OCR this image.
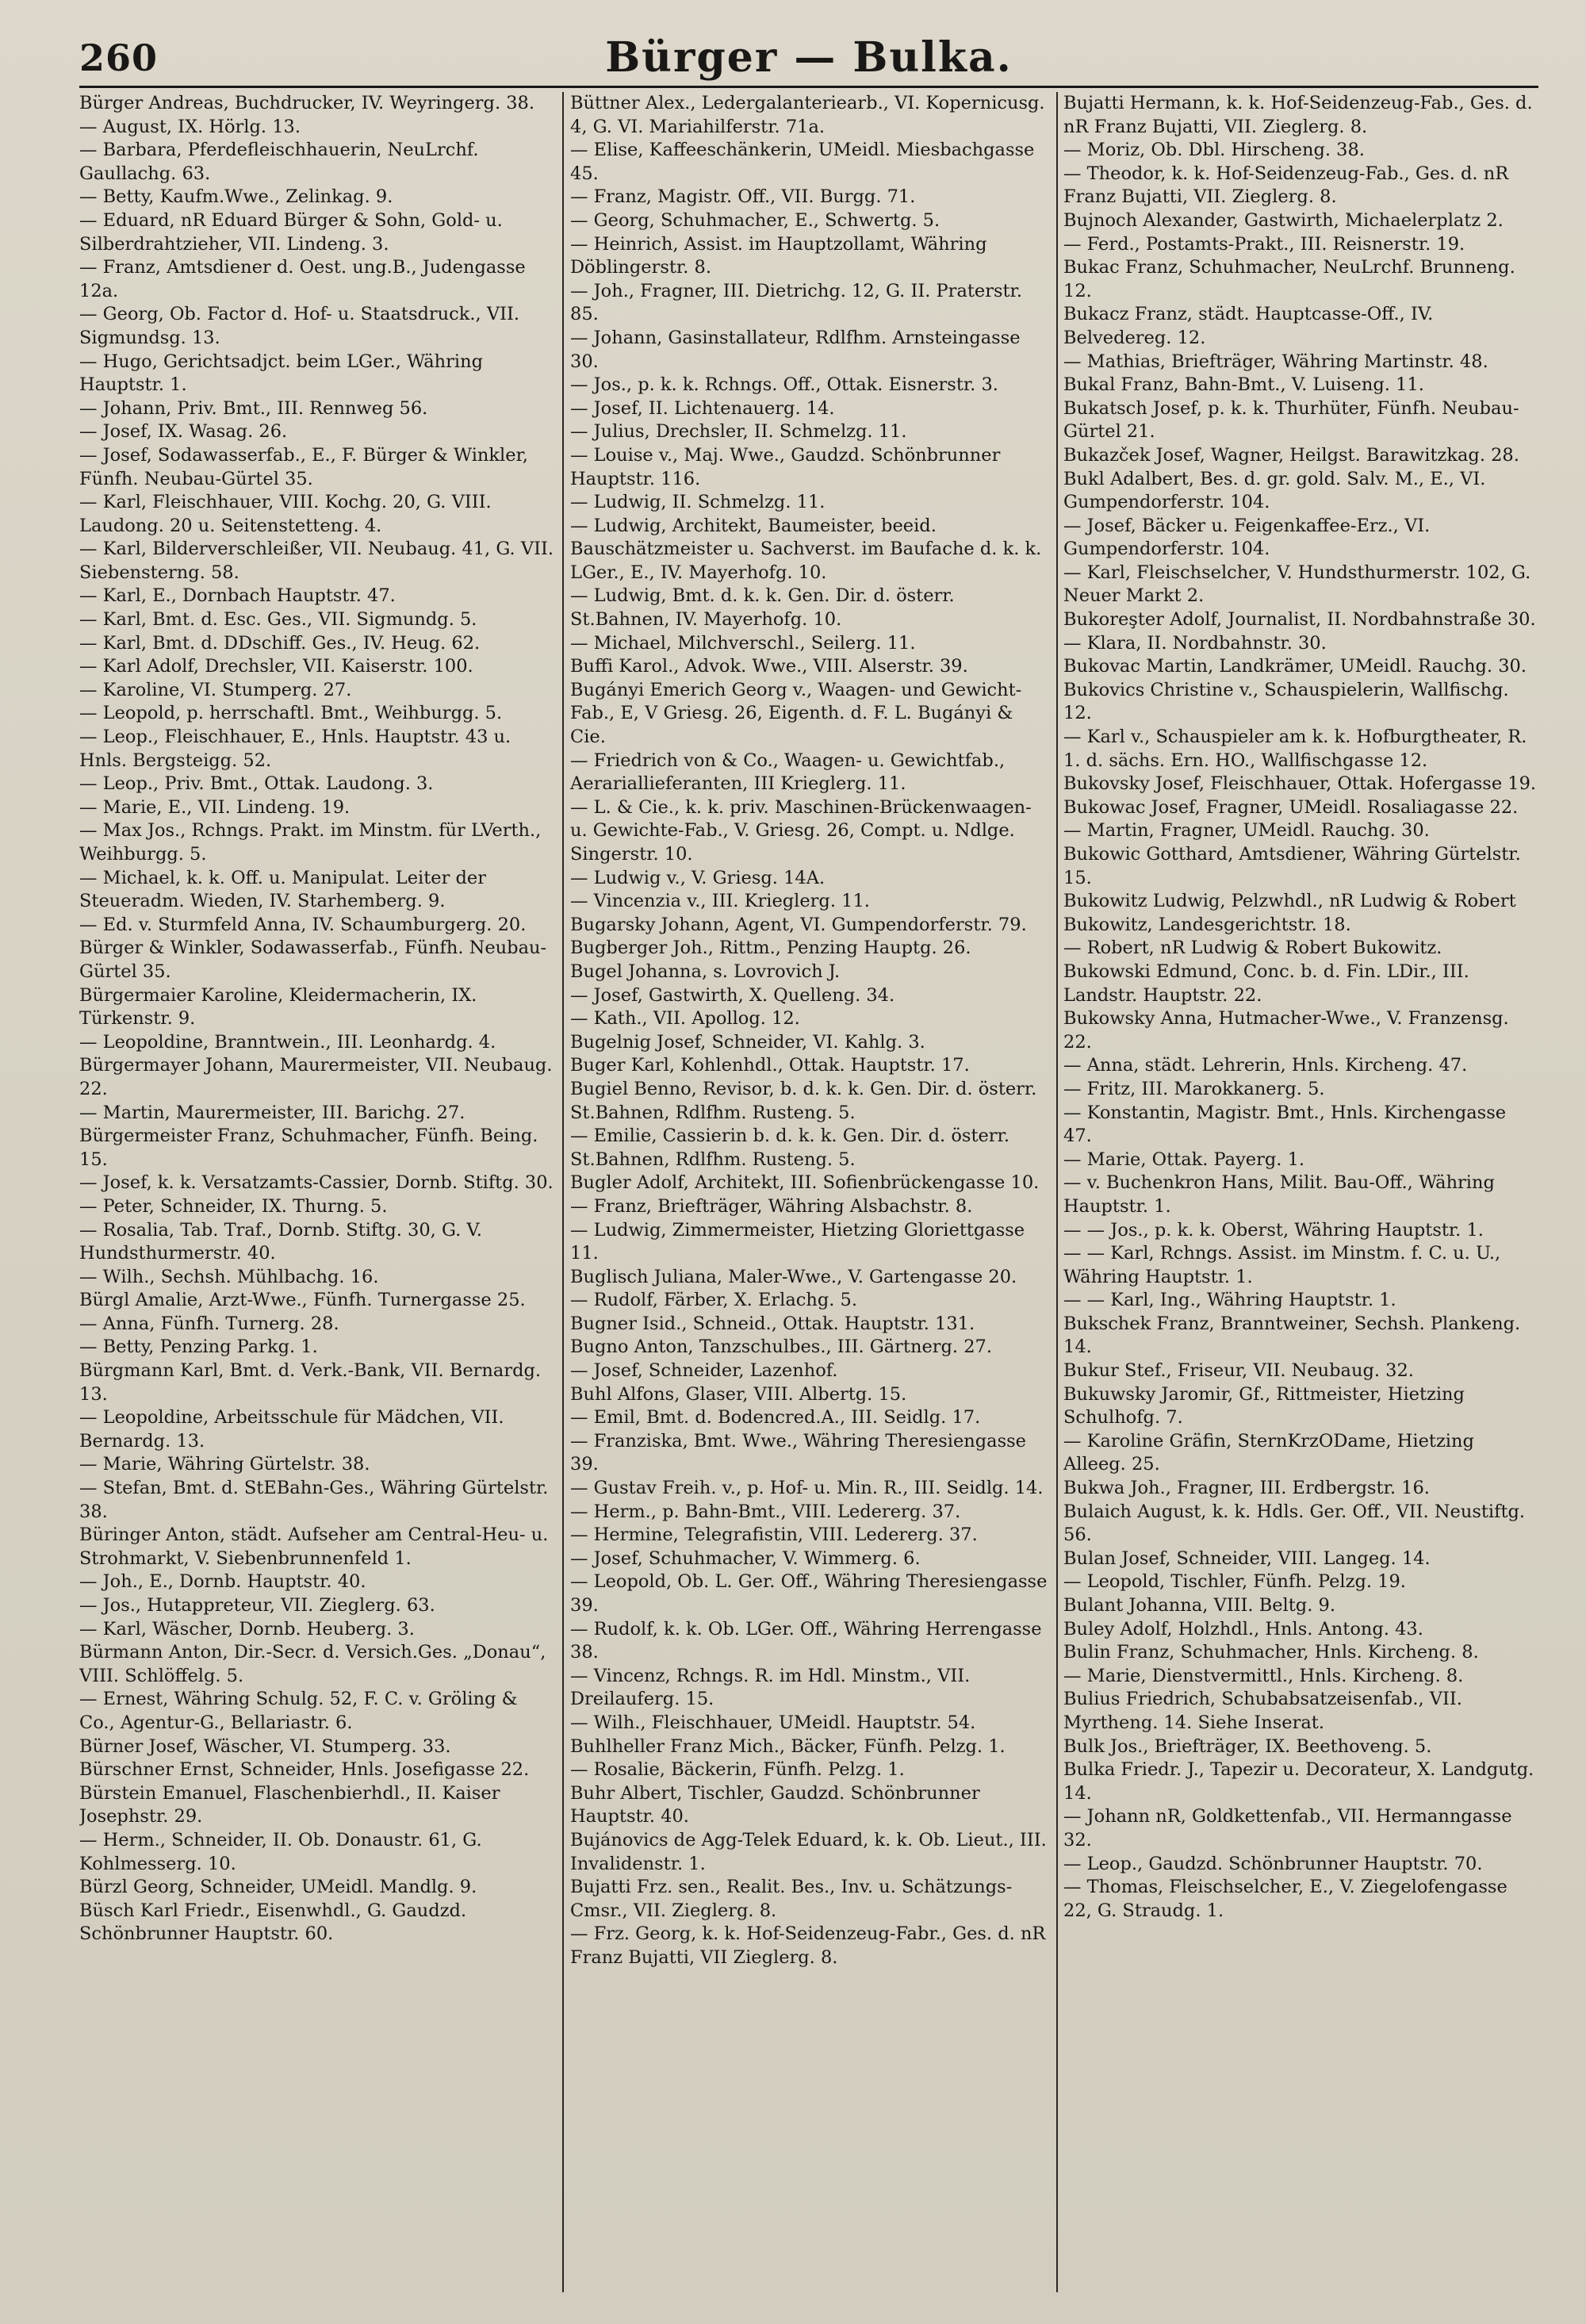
260	Bürger — Bulka.
Bürger Andreas, Buchdrucker, IV. Weyringerg. 38.
— August, IX. Hörlg. 13.
— Barbara, Pferdefleischhauerin, NeuLrchf. Gaullachg. 63.
— Betty, Kaufm.Wwe., Zelinkag. 9.
— Eduard, nR Eduard Bürger & Sohn, Gold- u. Silberdrahtzieher, VII. Lindeng. 3.
— Franz, Amtsdiener d. Oest. ung.B., Judengasse 12a.
— Georg, Ob. Factor d. Hof- u. Staatsdruck., VII. Sigmundsg. 13.
— Hugo, Gerichtsadjct. beim LGer., Währing Hauptstr. 1.
— Johann, Priv. Bmt., III. Rennweg 56.
— Josef, IX. Wasag. 26.
— Josef, Sodawasserfab., E., F. Bürger & Winkler, Fünfh. Neubau-Gürtel 35.
— Karl, Fleischhauer, VIII. Kochg. 20, G. VIII. Laudong. 20 u. Seitenstetteng. 4.
— Karl, Bilderverschleißer, VII. Neubaug. 41, G. VII. Siebensterng. 58.
— Karl, E., Dornbach Hauptstr. 47.
— Karl, Bmt. d. Esc. Ges., VII. Sigmundg. 5.
— Karl, Bmt. d. DDschiff. Ges., IV. Heug. 62.
— Karl Adolf, Drechsler, VII. Kaiserstr. 100.
— Karoline, VI. Stumperg. 27.
— Leopold, p. herrschaftl. Bmt., Weihburgg. 5.
— Leop., Fleischhauer, E., Hnls. Hauptstr. 43 u. Hnls. Bergsteigg. 52.
— Leop., Priv. Bmt., Ottak. Laudong. 3.
— Marie, E., VII. Lindeng. 19.
— Max Jos., Rchngs. Prakt. im Minstm. für LVerth., Weihburgg. 5.
— Michael, k. k. Off. u. Manipulat. Leiter der Steueradm. Wieden, IV. Starhemberg. 9.
— Ed. v. Sturmfeld Anna, IV. Schaumburgerg. 20.
Bürger & Winkler, Sodawasserfab., Fünfh. Neubau-Gürtel 35.
Bürgermaier Karoline, Kleidermacherin, IX. Türkenstr. 9.
— Leopoldine, Branntwein., III. Leonhardg. 4.
Bürgermayer Johann, Maurermeister, VII. Neubaug. 22.
— Martin, Maurermeister, III. Barichg. 27.
Bürgermeister Franz, Schuhmacher, Fünfh. Being. 15.
— Josef, k. k. Versatzamts-Cassier, Dornb. Stiftg. 30.
— Peter, Schneider, IX. Thurng. 5.
— Rosalia, Tab. Traf., Dornb. Stiftg. 30, G. V. Hundsthurmerstr. 40.
— Wilh., Sechsh. Mühlbachg. 16.
Bürgl Amalie, Arzt-Wwe., Fünfh. Turnergasse 25.
— Anna, Fünfh. Turnerg. 28.
— Betty, Penzing Parkg. 1.
Bürgmann Karl, Bmt. d. Verk.-Bank, VII. Bernardg. 13.
— Leopoldine, Arbeitsschule für Mädchen, VII. Bernardg. 13.
— Marie, Währing Gürtelstr. 38.
— Stefan, Bmt. d. StEBahn-Ges., Währing Gürtelstr. 38.
Büringer Anton, städt. Aufseher am Central-Heu- u. Strohmarkt, V. Siebenbrunnenfeld 1.
— Joh., E., Dornb. Hauptstr. 40.
— Jos., Hutappreteur, VII. Zieglerg. 63.
— Karl, Wäscher, Dornb. Heuberg. 3.
Bürmann Anton, Dir.-Secr. d. Versich.Ges. „Donau“, VIII. Schlöffelg. 5.
— Ernest, Währing Schulg. 52, F. C. v. Gröling & Co., Agentur-G., Bellariastr. 6.
Bürner Josef, Wäscher, VI. Stumperg. 33.
Bürschner Ernst, Schneider, Hnls. Josefigasse 22.
Bürstein Emanuel, Flaschenbierhdl., II. Kaiser Josephstr. 29.
— Herm., Schneider, II. Ob. Donaustr. 61, G. Kohlmesserg. 10.
Bürzl Georg, Schneider, UMeidl. Mandlg. 9.
Büsch Karl Friedr., Eisenwhdl., G. Gaudzd. Schönbrunner Hauptstr. 60.
Büttner Alex., Ledergalanteriearb., VI. Kopernicusg. 4, G. VI. Mariahilferstr. 71a.
— Elise, Kaffeeschänkerin, UMeidl. Miesbachgasse 45.
— Franz, Magistr. Off., VII. Burgg. 71.
— Georg, Schuhmacher, E., Schwertg. 5.
— Heinrich, Assist. im Hauptzollamt, Währing Döblingerstr. 8.
— Joh., Fragner, III. Dietrichg. 12, G. II. Praterstr. 85.
— Johann, Gasinstallateur, Rdlfhm. Arnsteingasse 30.
— Jos., p. k. k. Rchngs. Off., Ottak. Eisnerstr. 3.
— Josef, II. Lichtenauerg. 14.
— Julius, Drechsler, II. Schmelzg. 11.
— Louise v., Maj. Wwe., Gaudzd. Schönbrunner Hauptstr. 116.
— Ludwig, II. Schmelzg. 11.
— Ludwig, Architekt, Baumeister, beeid. Bauschätzmeister u. Sachverst. im Baufache d. k. k. LGer., E., IV. Mayerhofg. 10.
— Ludwig, Bmt. d. k. k. Gen. Dir. d. österr. St.Bahnen, IV. Mayerhofg. 10.
— Michael, Milchverschl., Seilerg. 11.
Buffi Karol., Advok. Wwe., VIII. Alserstr. 39.
Bugányi Emerich Georg v., Waagen- und Gewicht-Fab., E, V Griesg. 26, Eigenth. d. F. L. Bugányi & Cie.
— Friedrich von & Co., Waagen- u. Gewichtfab., Aerariallieferanten, III Krieglerg. 11.
— L. & Cie., k. k. priv. Maschinen-Brückenwaagen- u. Gewichte-Fab., V. Griesg. 26, Compt. u. Ndlge. Singerstr. 10.
— Ludwig v., V. Griesg. 14A.
— Vincenzia v., III. Krieglerg. 11.
Bugarsky Johann, Agent, VI. Gumpendorferstr. 79.
Bugberger Joh., Rittm., Penzing Hauptg. 26.
Bugel Johanna, s. Lovrovich J.
— Josef, Gastwirth, X. Quelleng. 34.
— Kath., VII. Apollog. 12.
Bugelnig Josef, Schneider, VI. Kahlg. 3.
Buger Karl, Kohlenhdl., Ottak. Hauptstr. 17.
Bugiel Benno, Revisor, b. d. k. k. Gen. Dir. d. österr. St.Bahnen, Rdlfhm. Rusteng. 5.
— Emilie, Cassierin b. d. k. k. Gen. Dir. d. österr. St.Bahnen, Rdlfhm. Rusteng. 5.
Bugler Adolf, Architekt, III. Sofienbrückengasse 10.
— Franz, Briefträger, Währing Alsbachstr. 8.
— Ludwig, Zimmermeister, Hietzing Gloriettgasse 11.
Buglisch Juliana, Maler-Wwe., V. Gartengasse 20.
— Rudolf, Färber, X. Erlachg. 5.
Bugner Isid., Schneid., Ottak. Hauptstr. 131.
Bugno Anton, Tanzschulbes., III. Gärtnerg. 27.
— Josef, Schneider, Lazenhof.
Buhl Alfons, Glaser, VIII. Albertg. 15.
— Emil, Bmt. d. Bodencred.A., III. Seidlg. 17.
— Franziska, Bmt. Wwe., Währing Theresiengasse 39.
— Gustav Freih. v., p. Hof- u. Min. R., III. Seidlg. 14.
— Herm., p. Bahn-Bmt., VIII. Ledererg. 37.
— Hermine, Telegrafistin, VIII. Ledererg. 37.
— Josef, Schuhmacher, V. Wimmerg. 6.
— Leopold, Ob. L. Ger. Off., Währing Theresiengasse 39.
— Rudolf, k. k. Ob. LGer. Off., Währing Herrengasse 38.
— Vincenz, Rchngs. R. im Hdl. Minstm., VII. Dreilauferg. 15.
— Wilh., Fleischhauer, UMeidl. Hauptstr. 54.
Buhlheller Franz Mich., Bäcker, Fünfh. Pelzg. 1.
— Rosalie, Bäckerin, Fünfh. Pelzg. 1.
Buhr Albert, Tischler, Gaudzd. Schönbrunner Hauptstr. 40.
Bujánovics de Agg-Telek Eduard, k. k. Ob. Lieut., III. Invalidenstr. 1.
Bujatti Frz. sen., Realit. Bes., Inv. u. Schätzungs-Cmsr., VII. Zieglerg. 8.
— Frz. Georg, k. k. Hof-Seidenzeug-Fabr., Ges. d. nR Franz Bujatti, VII Zieglerg. 8.
Bujatti Hermann, k. k. Hof-Seidenzeug-Fab., Ges. d. nR Franz Bujatti, VII. Zieglerg. 8.
— Moriz, Ob. Dbl. Hirscheng. 38.
— Theodor, k. k. Hof-Seidenzeug-Fab., Ges. d. nR Franz Bujatti, VII. Zieglerg. 8.
Bujnoch Alexander, Gastwirth, Michaelerplatz 2.
— Ferd., Postamts-Prakt., III. Reisnerstr. 19.
Bukac Franz, Schuhmacher, NeuLrchf. Brunneng. 12.
Bukacz Franz, städt. Hauptcasse-Off., IV. Belvedereg. 12.
— Mathias, Briefträger, Währing Martinstr. 48.
Bukal Franz, Bahn-Bmt., V. Luiseng. 11.
Bukatsch Josef, p. k. k. Thurhüter, Fünfh. Neubau-Gürtel 21.
Bukazček Josef, Wagner, Heilgst. Barawitzkag. 28.
Bukl Adalbert, Bes. d. gr. gold. Salv. M., E., VI. Gumpendorferstr. 104.
— Josef, Bäcker u. Feigenkaffee-Erz., VI. Gumpendorferstr. 104.
— Karl, Fleischselcher, V. Hundsthurmerstr. 102, G. Neuer Markt 2.
Bukoreşter Adolf, Journalist, II. Nordbahnstraße 30.
— Klara, II. Nordbahnstr. 30.
Bukovac Martin, Landkrämer, UMeidl. Rauchg. 30.
Bukovics Christine v., Schauspielerin, Wallfischg. 12.
— Karl v., Schauspieler am k. k. Hofburgtheater, R. 1. d. sächs. Ern. HO., Wallfischgasse 12.
Bukovsky Josef, Fleischhauer, Ottak. Hofergasse 19.
Bukowac Josef, Fragner, UMeidl. Rosaliagasse 22.
— Martin, Fragner, UMeidl. Rauchg. 30.
Bukowic Gotthard, Amtsdiener, Währing Gürtelstr. 15.
Bukowitz Ludwig, Pelzwhdl., nR Ludwig & Robert Bukowitz, Landesgerichtstr. 18.
— Robert, nR Ludwig & Robert Bukowitz.
Bukowski Edmund, Conc. b. d. Fin. LDir., III. Landstr. Hauptstr. 22.
Bukowsky Anna, Hutmacher-Wwe., V. Franzensg. 22.
— Anna, städt. Lehrerin, Hnls. Kircheng. 47.
— Fritz, III. Marokkanerg. 5.
— Konstantin, Magistr. Bmt., Hnls. Kirchengasse 47.
— Marie, Ottak. Payerg. 1.
— v. Buchenkron Hans, Milit. Bau-Off., Währing Hauptstr. 1.
— — Jos., p. k. k. Oberst, Währing Hauptstr. 1.
— — Karl, Rchngs. Assist. im Minstm. f. C. u. U., Währing Hauptstr. 1.
— — Karl, Ing., Währing Hauptstr. 1.
Bukschek Franz, Branntweiner, Sechsh. Plankeng. 14.
Bukur Stef., Friseur, VII. Neubaug. 32.
Bukuwsky Jaromir, Gf., Rittmeister, Hietzing Schulhofg. 7.
— Karoline Gräfin, SternKrzODame, Hietzing Alleeg. 25.
Bukwa Joh., Fragner, III. Erdbergstr. 16.
Bulaich August, k. k. Hdls. Ger. Off., VII. Neustiftg. 56.
Bulan Josef, Schneider, VIII. Langeg. 14.
— Leopold, Tischler, Fünfh. Pelzg. 19.
Bulant Johanna, VIII. Beltg. 9.
Buley Adolf, Holzhdl., Hnls. Antong. 43.
Bulin Franz, Schuhmacher, Hnls. Kircheng. 8.
— Marie, Dienstvermittl., Hnls. Kircheng. 8.
Bulius Friedrich, Schubabsatzeisenfab., VII. Myrtheng. 14. Siehe Inserat.
Bulk Jos., Briefträger, IX. Beethoveng. 5.
Bulka Friedr. J., Tapezir u. Decorateur, X. Landgutg. 14.
— Johann nR, Goldkettenfab., VII. Hermanngasse 32.
— Leop., Gaudzd. Schönbrunner Hauptstr. 70.
— Thomas, Fleischselcher, E., V. Ziegelofengasse 22, G. Straudg. 1.
